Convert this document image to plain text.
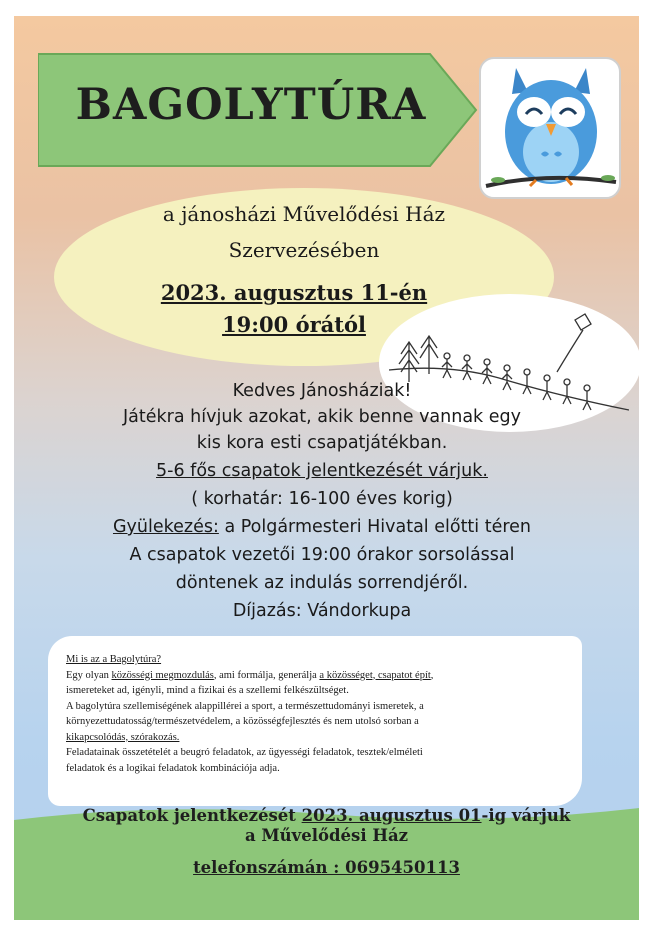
BAGOLYTÚRA
a jánosházi Művelődési Ház
Szervezésében
2023. augusztus 11-én
19:00 órától
Kedves Jánosháziak!
Játékra hívjuk azokat, akik benne vannak egy
kis kora esti csapatjátékban.
5-6 fős csapatok jelentkezését várjuk.
( korhatár: 16-100 éves korig)
Gyülekezés: a Polgármesteri Hivatal előtti téren
A csapatok vezetői 19:00 órakor sorsolással
döntenek az indulás sorrendjéről.
Díjazás: Vándorkupa
Mi is az a Bagolytúra?
Egy olyan közösségi megmozdulás, ami formálja, generálja a közösséget, csapatot épít,
ismereteket ad, igényli, mind a fizikai és a szellemi felkészültséget.
A bagolytúra szellemiségének alappillérei a sport, a természettudományi ismeretek, a
környezettudatosság/természetvédelem, a közösségfejlesztés és nem utolsó sorban a
kikapcsolódás, szórakozás.
Feladatainak összetételét a beugró feladatok, az ügyességi feladatok, tesztek/elméleti
feladatok és a logikai feladatok kombinációja adja.
Csapatok jelentkezését 2023. augusztus 01-ig várjuk
a Művelődési Ház
telefonszámán : 0695450113
